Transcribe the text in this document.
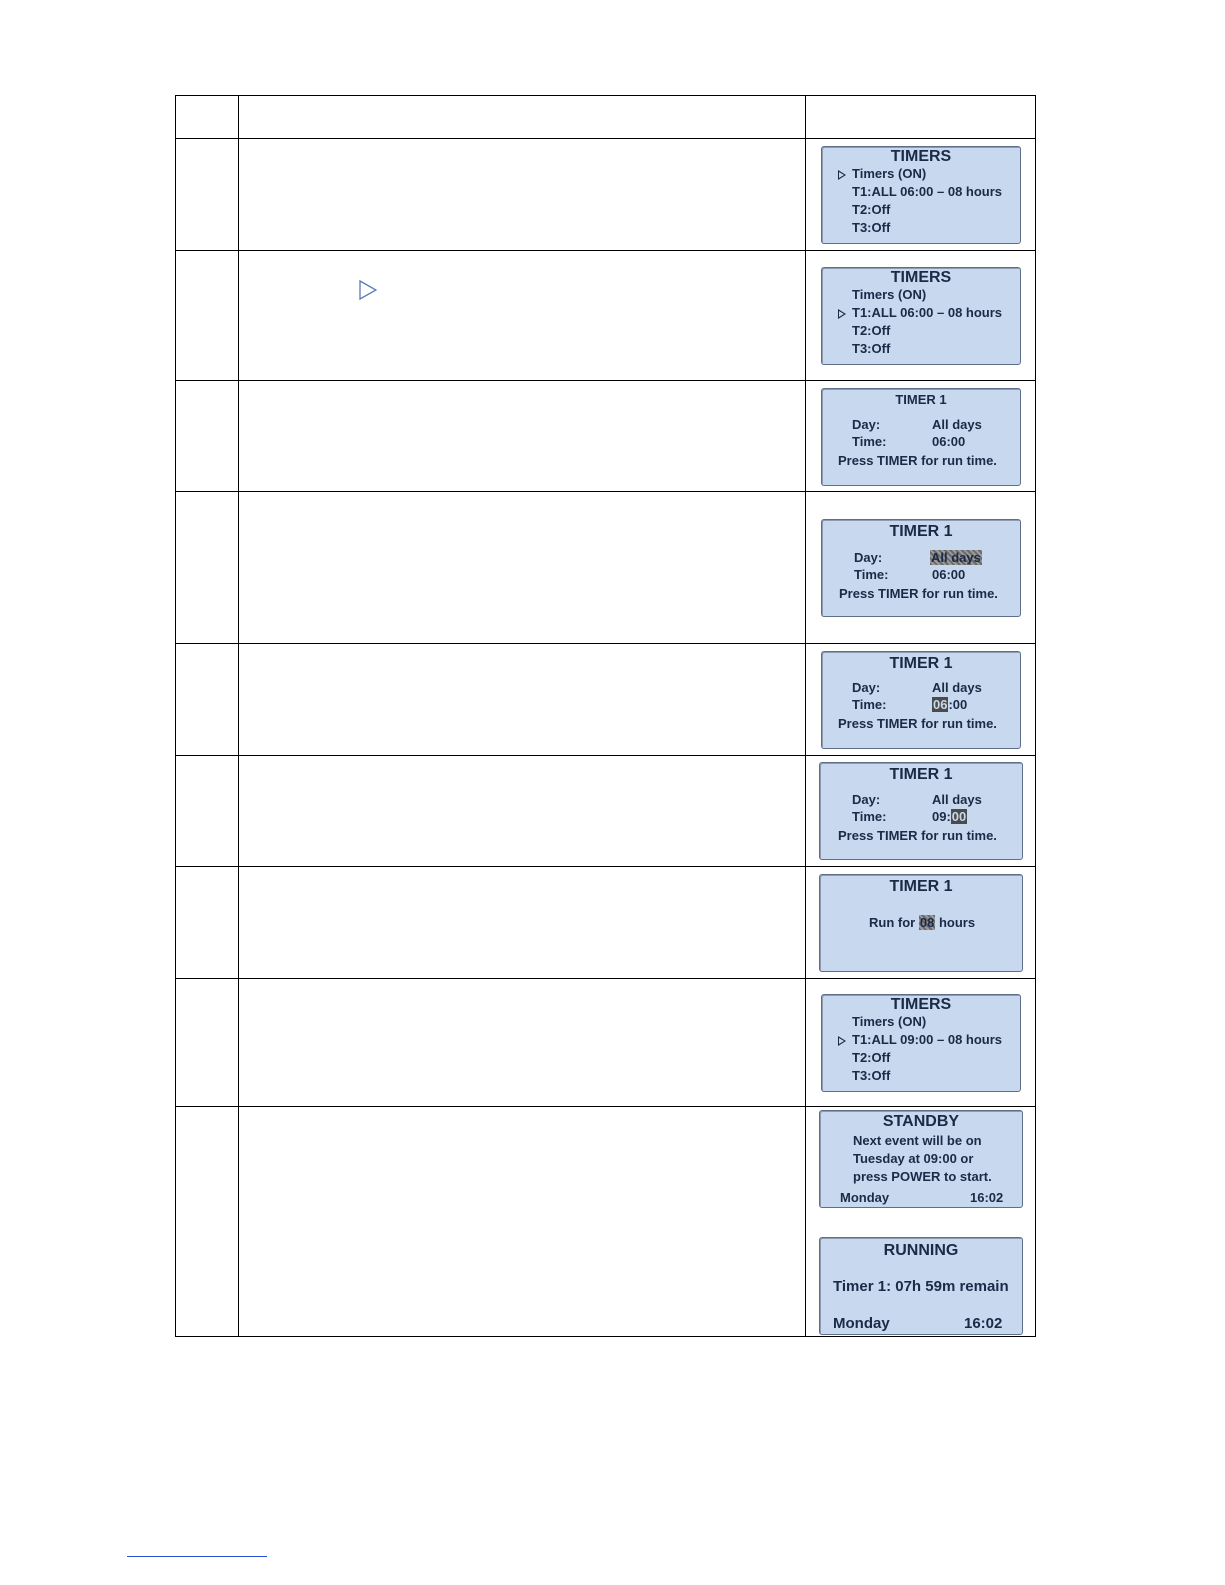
TIMERS
Timers (ON)
T1:ALL 06:00 – 08 hours
T2:Off
T3:Off
TIMERS
Timers (ON)
T1:ALL 06:00 – 08 hours
T2:Off
T3:Off
TIMER 1
Day:	All days
Time:	06:00
Press TIMER for run time.
TIMER 1
Day:	All days
Time:	06:00
Press TIMER for run time.
TIMER 1
Day:	All days
Time:	06:00
Press TIMER for run time.
TIMER 1
Day:	All days
Time:	09:00
Press TIMER for run time.
TIMER 1
Run for 08 hours
TIMERS
Timers (ON)
T1:ALL 09:00 – 08 hours
T2:Off
T3:Off
STANDBY
Next event will be on
Tuesday at 09:00 or
press POWER to start.
Monday	16:02
RUNNING
Timer 1: 07h 59m remain
Monday	16:02
